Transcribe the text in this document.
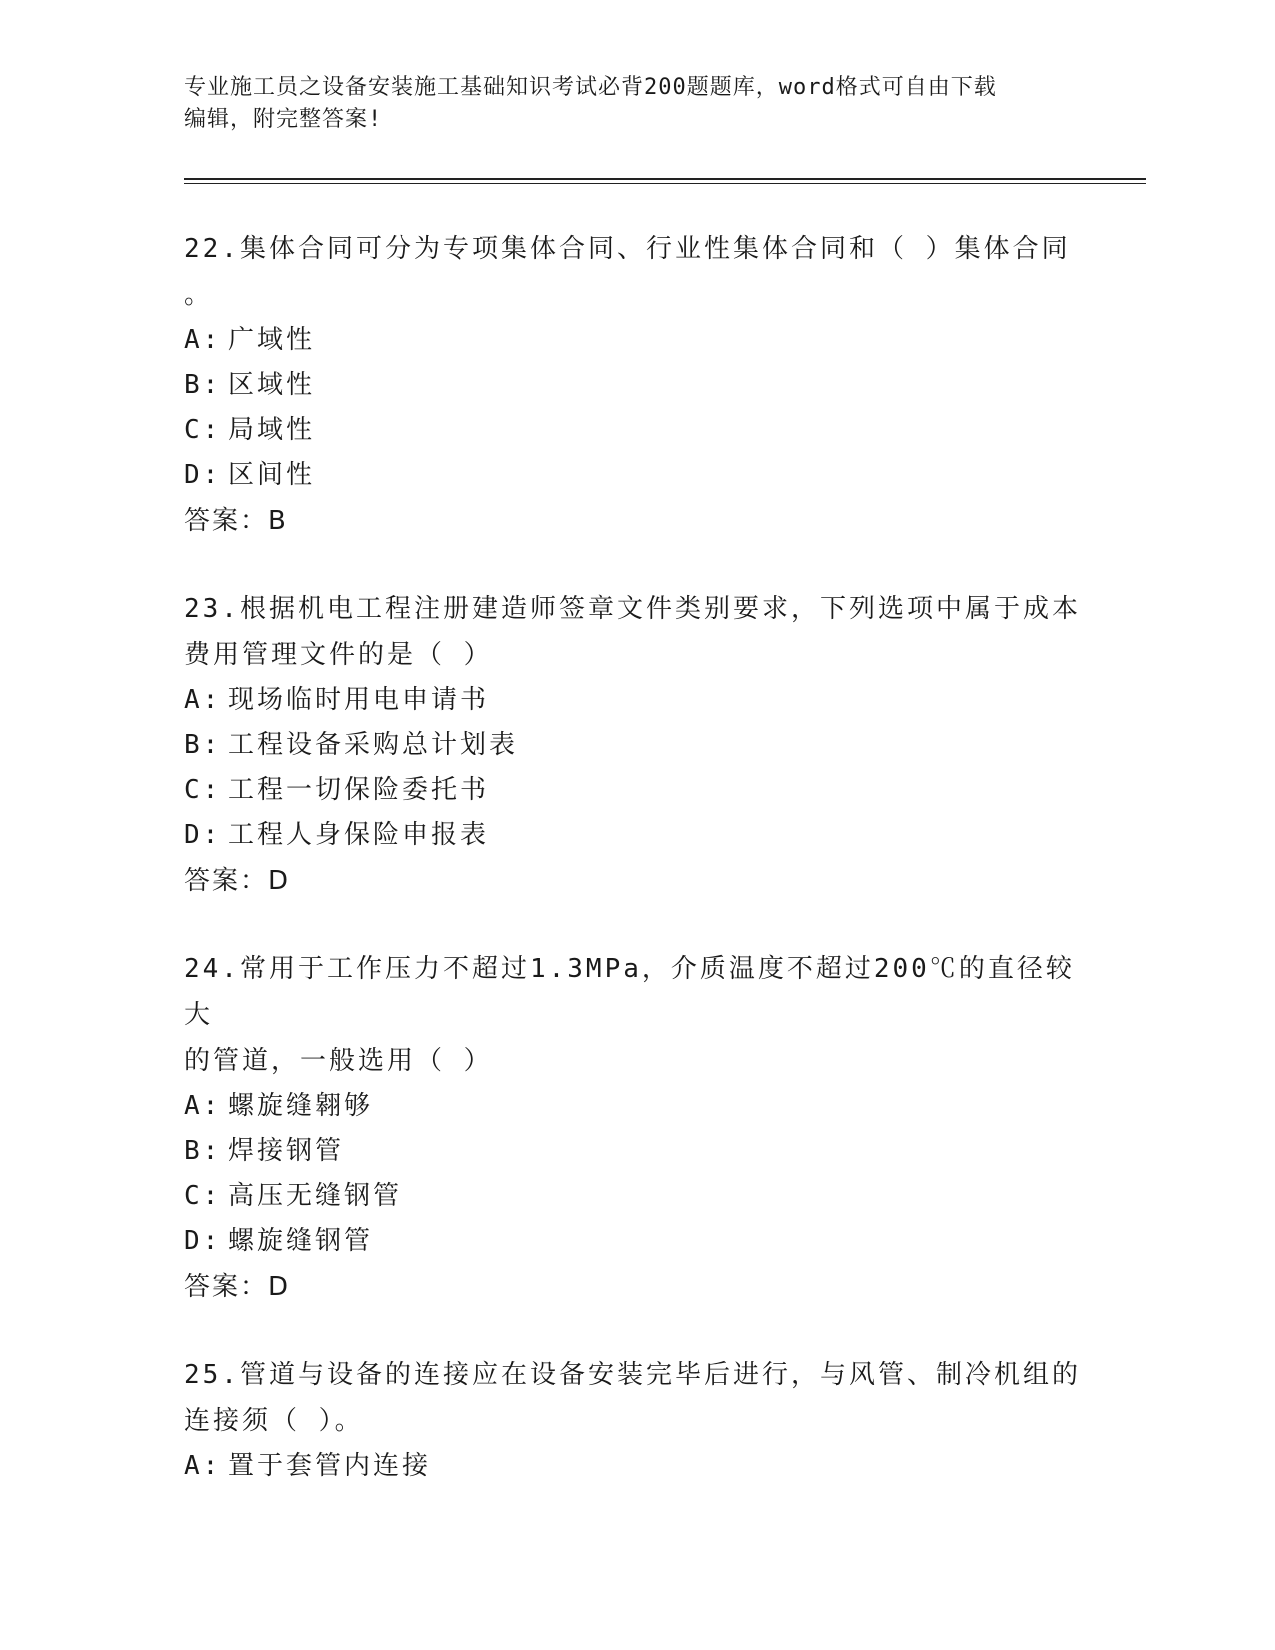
专业施工员之设备安装施工基础知识考试必背200题题库，word格式可自由下载
编辑，附完整答案!
22.集体合同可分为专项集体合同、行业性集体合同和（ ）集体合同
。
A: 广域性
B: 区域性
C: 局域性
D: 区间性
答案：B
23.根据机电工程注册建造师签章文件类别要求，下列选项中属于成本
费用管理文件的是（ ）
A: 现场临时用电申请书
B: 工程设备采购总计划表
C: 工程一切保险委托书
D: 工程人身保险申报表
答案：D
24.常用于工作压力不超过1.3MPa，介质温度不超过200℃的直径较大
的管道，一般选用（ ）
A: 螺旋缝翱够
B: 焊接钢管
C: 高压无缝钢管
D: 螺旋缝钢管
答案：D
25.管道与设备的连接应在设备安装完毕后进行，与风管、制冷机组的
连接须（ ）。
A: 置于套管内连接
